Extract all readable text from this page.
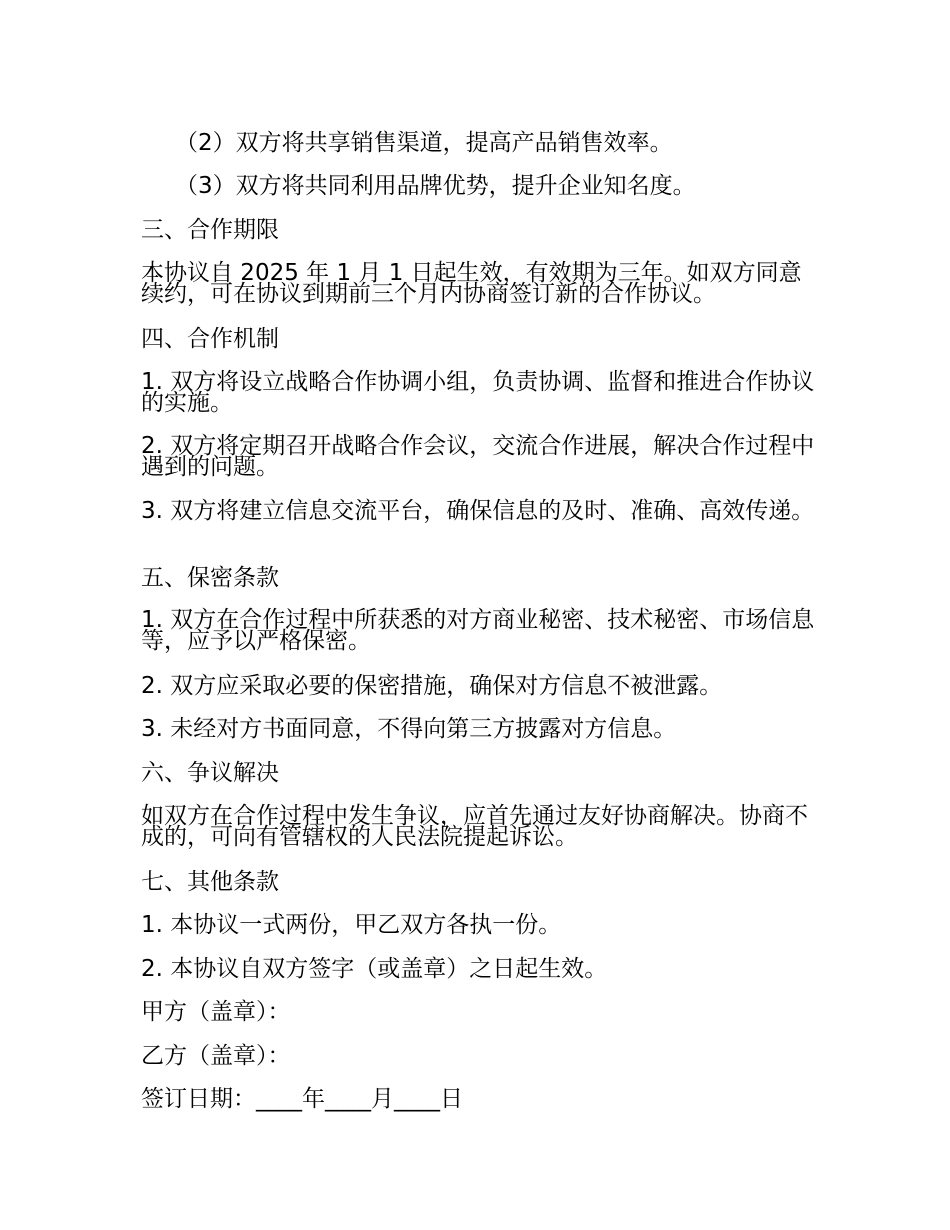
（2）双方将共享销售渠道，提高产品销售效率。
（3）双方将共同利用品牌优势，提升企业知名度。
三、合作期限
本协议自 2025 年 1 月 1 日起生效，有效期为三年。如双方同意续约，可在协议到期前三个月内协商签订新的合作协议。
四、合作机制
1. 双方将设立战略合作协调小组，负责协调、监督和推进合作协议的实施。
2. 双方将定期召开战略合作会议，交流合作进展，解决合作过程中遇到的问题。
3. 双方将建立信息交流平台，确保信息的及时、准确、高效传递。
五、保密条款
1. 双方在合作过程中所获悉的对方商业秘密、技术秘密、市场信息等，应予以严格保密。
2. 双方应采取必要的保密措施，确保对方信息不被泄露。
3. 未经对方书面同意，不得向第三方披露对方信息。
六、争议解决
如双方在合作过程中发生争议，应首先通过友好协商解决。协商不成的，可向有管辖权的人民法院提起诉讼。
七、其他条款
1. 本协议一式两份，甲乙双方各执一份。
2. 本协议自双方签字（或盖章）之日起生效。
甲方（盖章）：
乙方（盖章）：
签订日期：____年____月____日
